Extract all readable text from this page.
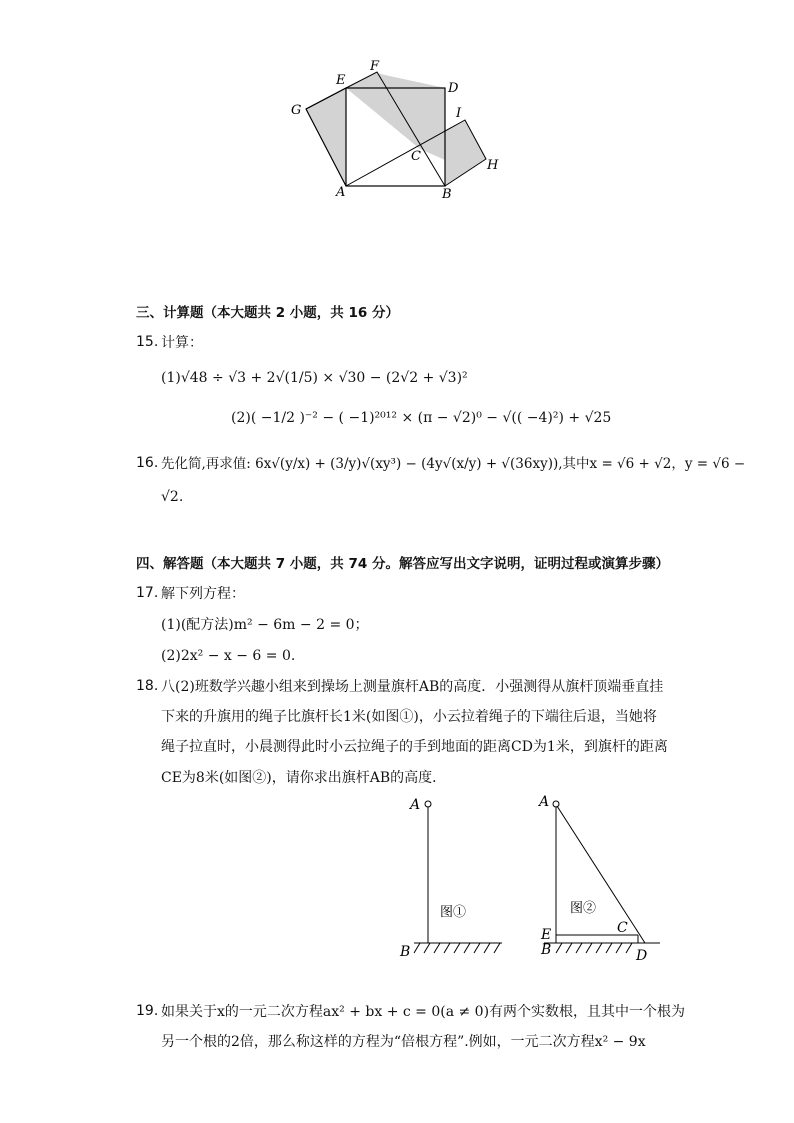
E
F
D
G	I
C
H
A	B
三、计算题（本大题共 2 小题，共 16 分）
15. 计算：
(1)√48 ÷ √3 + 2√(1/5) × √30 − (2√2 + √3)²
(2)( −1/2 )⁻² − ( −1)²⁰¹² × (π − √2)⁰ − √(( −4)²) + √25
16. 先化简,再求值: 6x√(y/x) + (3/y)√(xy³) − (4y√(x/y) + √(36xy)),其中x = √6 + √2，y = √6 −
√2.
四、解答题（本大题共 7 小题，共 74 分。解答应写出文字说明，证明过程或演算步骤）
17. 解下列方程：
(1)(配方法)m² − 6m − 2 = 0；
(2)2x² − x − 6 = 0.
18. 八(2)班数学兴趣小组来到操场上测量旗杆AB的高度．小强测得从旗杆顶端垂直挂
下来的升旗用的绳子比旗杆长1米(如图①)，小云拉着绳子的下端往后退，当她将
绳子拉直时，小晨测得此时小云拉绳子的手到地面的距离CD为1米，到旗杆的距离
CE为8米(如图②)，请你求出旗杆AB的高度．
A
B
图①
A
E
B
C
D
图②
19. 如果关于x的一元二次方程ax² + bx + c = 0(a ≠ 0)有两个实数根，且其中一个根为
另一个根的2倍，那么称这样的方程为“倍根方程”.例如，一元二次方程x² − 9x
